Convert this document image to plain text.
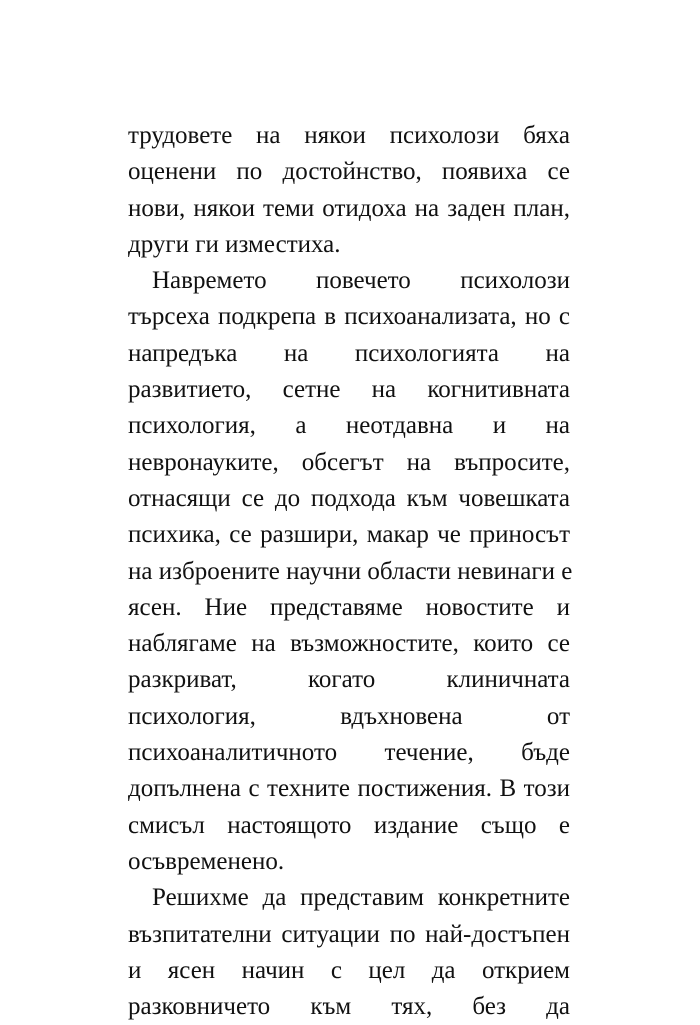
трудовете на някои психолози бяха
оценени по достойнство, появиха се
нови, някои теми отидоха на заден план,
други ги изместиха.
Навремето повечето психолози
търсеха подкрепа в психоанализата, но с
напредъка на психологията на
развитието, сетне на когнитивната
психология, а неотдавна и на
невронауките, обсегът на въпросите,
отнасящи се до подхода към човешката
психика, се разшири, макар че приносът
на изброените научни области невинаги е
ясен. Ние представяме новостите и
наблягаме на възможностите, които се
разкриват, когато клиничната
психология, вдъхновена от
психоаналитичното течение, бъде
допълнена с техните постижения. В този
смисъл настоящото издание също е
осъвременено.
Решихме да представим конкретните
възпитателни ситуации по най-достъпен
и ясен начин с цел да открием
разковничето към тях, без да
